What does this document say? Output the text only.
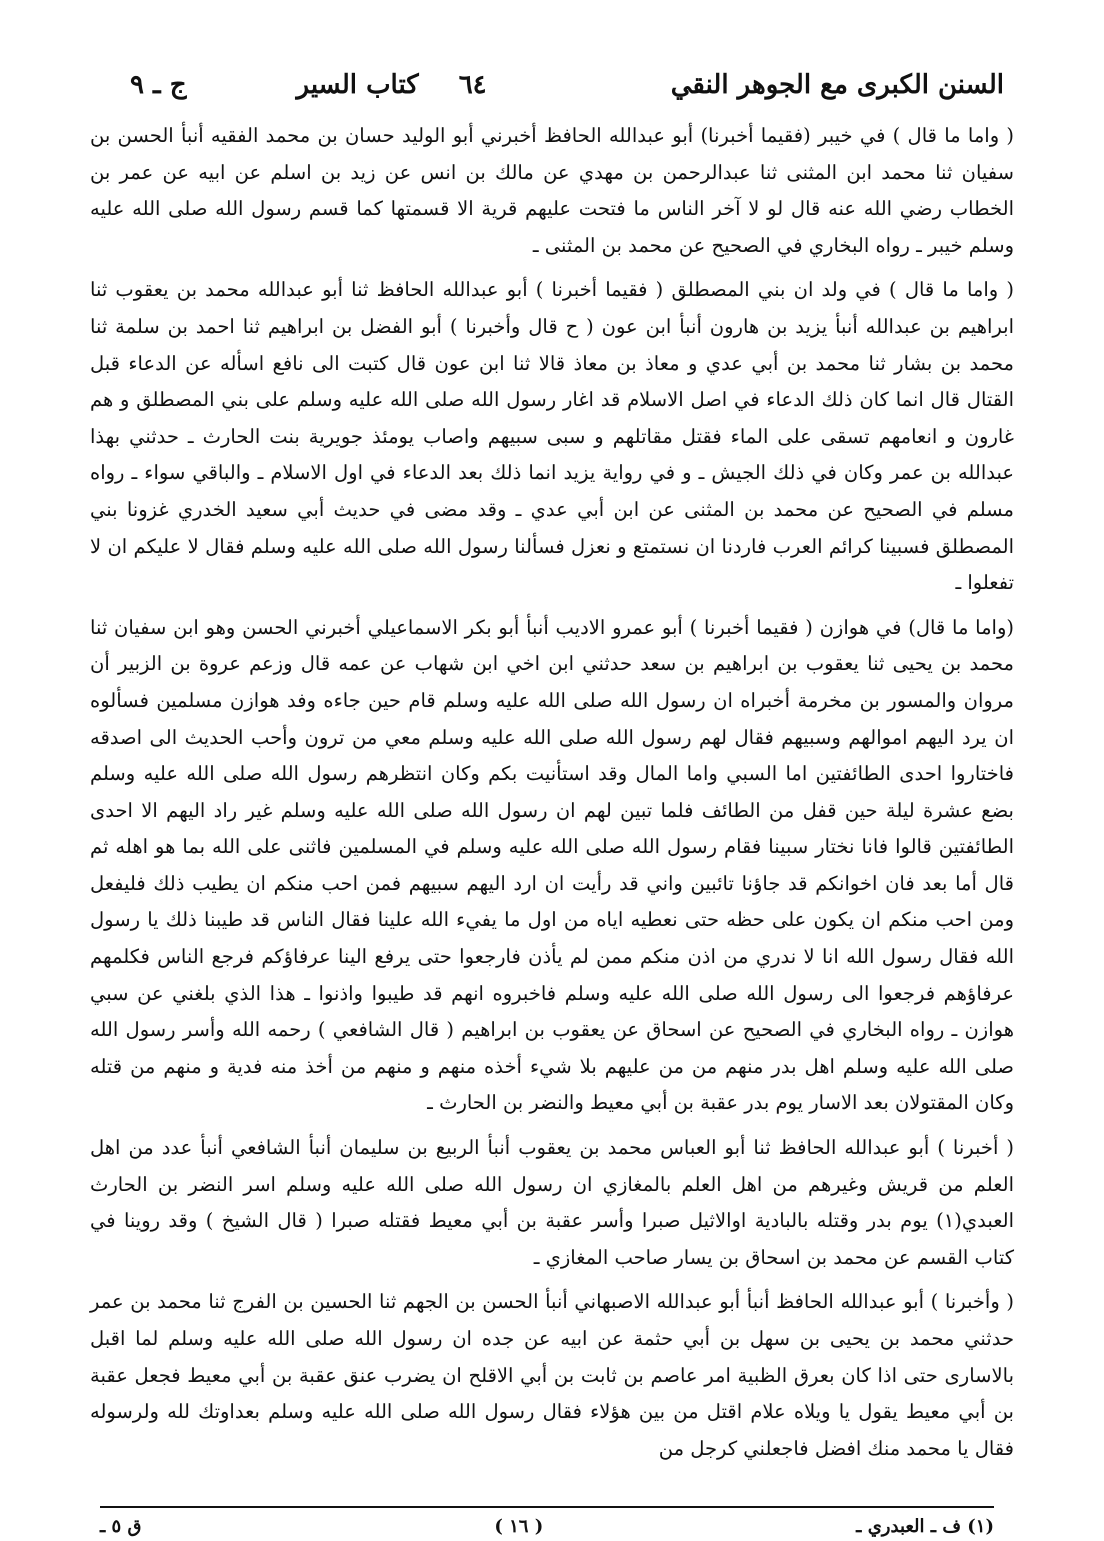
السنن الكبرى مع الجوهر النقي
٦٤
كتاب السير
ج ـ ٩

( واما ما قال ) في خيبر (فقيما أخبرنا) أبو عبدالله الحافظ أخبرني أبو الوليد حسان بن محمد الفقيه أنبأ الحسن بن سفيان ثنا محمد ابن المثنى ثنا عبدالرحمن بن مهدي عن مالك بن انس عن زيد بن اسلم عن ابيه عن عمر بن الخطاب رضي الله عنه قال لو لا آخر الناس ما فتحت عليهم قرية الا قسمتها كما قسم رسول الله صلى الله عليه وسلم خيبر ـ رواه البخاري في الصحيح عن محمد بن المثنى ـ

( واما ما قال ) في ولد ان بني المصطلق ( فقيما أخبرنا ) أبو عبدالله الحافظ ثنا أبو عبدالله محمد بن يعقوب ثنا ابراهيم بن عبدالله أنبأ يزيد بن هارون أنبأ ابن عون ( ح قال وأخبرنا ) أبو الفضل بن ابراهيم ثنا احمد بن سلمة ثنا محمد بن بشار ثنا محمد بن أبي عدي و معاذ بن معاذ قالا ثنا ابن عون قال كتبت الى نافع اسأله عن الدعاء قبل القتال قال انما كان ذلك الدعاء في اصل الاسلام قد اغار رسول الله صلى الله عليه وسلم على بني المصطلق و هم غارون و انعامهم تسقى على الماء فقتل مقاتلهم و سبى سبيهم واصاب يومئذ جويرية بنت الحارث ـ حدثني بهذا عبدالله بن عمر وكان في ذلك الجيش ـ و في رواية يزيد انما ذلك بعد الدعاء في اول الاسلام ـ والباقي سواء ـ رواه مسلم في الصحيح عن محمد بن المثنى عن ابن أبي عدي ـ وقد مضى في حديث أبي سعيد الخدري غزونا بني المصطلق فسبينا كرائم العرب فاردنا ان نستمتع و نعزل فسألنا رسول الله صلى الله عليه وسلم فقال لا عليكم ان لا تفعلوا ـ

(واما ما قال) في هوازن ( فقيما أخبرنا ) أبو عمرو الاديب أنبأ أبو بكر الاسماعيلي أخبرني الحسن وهو ابن سفيان ثنا محمد بن يحيى ثنا يعقوب بن ابراهيم بن سعد حدثني ابن اخي ابن شهاب عن عمه قال وزعم عروة بن الزبير أن مروان والمسور بن مخرمة أخبراه ان رسول الله صلى الله عليه وسلم قام حين جاءه وفد هوازن مسلمين فسألوه ان يرد اليهم اموالهم وسبيهم فقال لهم رسول الله صلى الله عليه وسلم معي من ترون وأحب الحديث الى اصدقه فاختاروا احدى الطائفتين اما السبي واما المال وقد استأنيت بكم وكان انتظرهم رسول الله صلى الله عليه وسلم بضع عشرة ليلة حين قفل من الطائف فلما تبين لهم ان رسول الله صلى الله عليه وسلم غير راد اليهم الا احدى الطائفتين قالوا فانا نختار سبينا فقام رسول الله صلى الله عليه وسلم في المسلمين فاثنى على الله بما هو اهله ثم قال أما بعد فان اخوانكم قد جاؤنا تائبين واني قد رأيت ان ارد اليهم سبيهم فمن احب منكم ان يطيب ذلك فليفعل ومن احب منكم ان يكون على حظه حتى نعطيه اياه من اول ما يفيء الله علينا فقال الناس قد طيبنا ذلك يا رسول الله فقال رسول الله انا لا ندري من اذن منكم ممن لم يأذن فارجعوا حتى يرفع الينا عرفاؤكم فرجع الناس فكلمهم عرفاؤهم فرجعوا الى رسول الله صلى الله عليه وسلم فاخبروه انهم قد طيبوا واذنوا ـ هذا الذي بلغني عن سبي هوازن ـ رواه البخاري في الصحيح عن اسحاق عن يعقوب بن ابراهيم ( قال الشافعي ) رحمه الله وأسر رسول الله صلى الله عليه وسلم اهل بدر منهم من من عليهم بلا شيء أخذه منهم و منهم من أخذ منه فدية و منهم من قتله وكان المقتولان بعد الاسار يوم بدر عقبة بن أبي معيط والنضر بن الحارث ـ

( أخبرنا ) أبو عبدالله الحافظ ثنا أبو العباس محمد بن يعقوب أنبأ الربيع بن سليمان أنبأ الشافعي أنبأ عدد من اهل العلم من قريش وغيرهم من اهل العلم بالمغازي ان رسول الله صلى الله عليه وسلم اسر النضر بن الحارث العبدي(١) يوم بدر وقتله بالبادية اوالاثيل صبرا وأسر عقبة بن أبي معيط فقتله صبرا ( قال الشيخ ) وقد روينا في كتاب القسم عن محمد بن اسحاق بن يسار صاحب المغازي ـ

( وأخبرنا ) أبو عبدالله الحافظ أنبأ أبو عبدالله الاصبهاني أنبأ الحسن بن الجهم ثنا الحسين بن الفرج ثنا محمد بن عمر حدثني محمد بن يحيى بن سهل بن أبي حثمة عن ابيه عن جده ان رسول الله صلى الله عليه وسلم لما اقبل بالاسارى حتى اذا كان بعرق الظبية امر عاصم بن ثابت بن أبي الاقلح ان يضرب عنق عقبة بن أبي معيط فجعل عقبة بن أبي معيط يقول يا ويلاه علام اقتل من بين هؤلاء فقال رسول الله صلى الله عليه وسلم بعداوتك لله ولرسوله فقال يا محمد منك افضل فاجعلني كرجل من

(١) ف ـ العبدري ـ
( ١٦ )
ق ٥ ـ
